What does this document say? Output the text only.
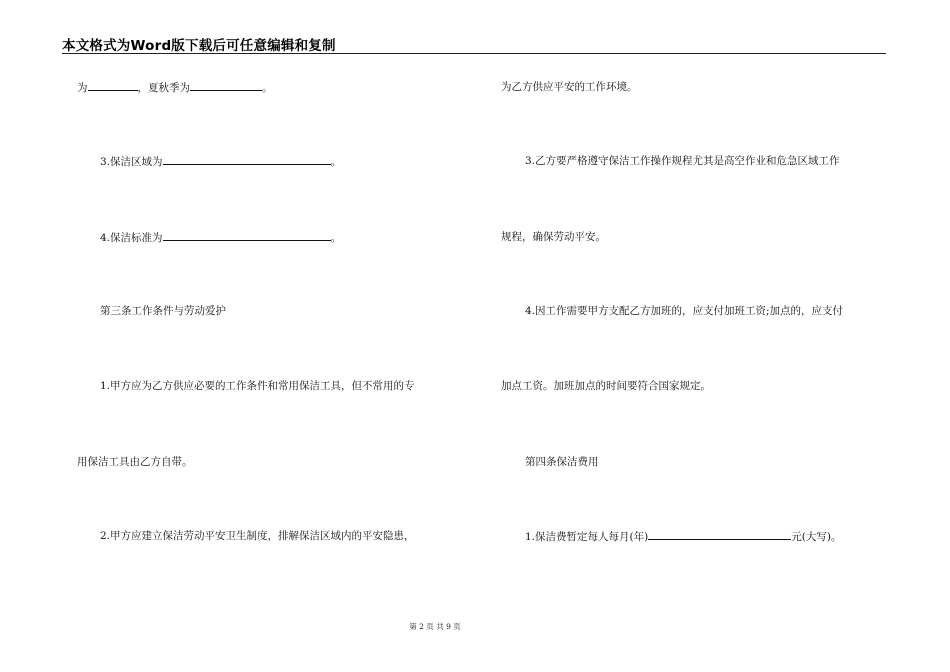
本文格式为Word版下载后可任意编辑和复制
为	，夏秋季为	。
3.保洁区域为	。
4.保洁标准为	。
第三条工作条件与劳动爱护
1.甲方应为乙方供应必要的工作条件和常用保洁工具，但不常用的专
用保洁工具由乙方自带。
2.甲方应建立保洁劳动平安卫生制度，排解保洁区域内的平安隐患，
为乙方供应平安的工作环境。
3.乙方要严格遵守保洁工作操作规程尤其是高空作业和危急区域工作
规程，确保劳动平安。
4.因工作需要甲方支配乙方加班的，应支付加班工资;加点的，应支付
加点工资。加班加点的时间要符合国家规定。
第四条保洁费用
1.保洁费暂定每人每月(年)	元(大写)。
第 2 页 共 9 页
